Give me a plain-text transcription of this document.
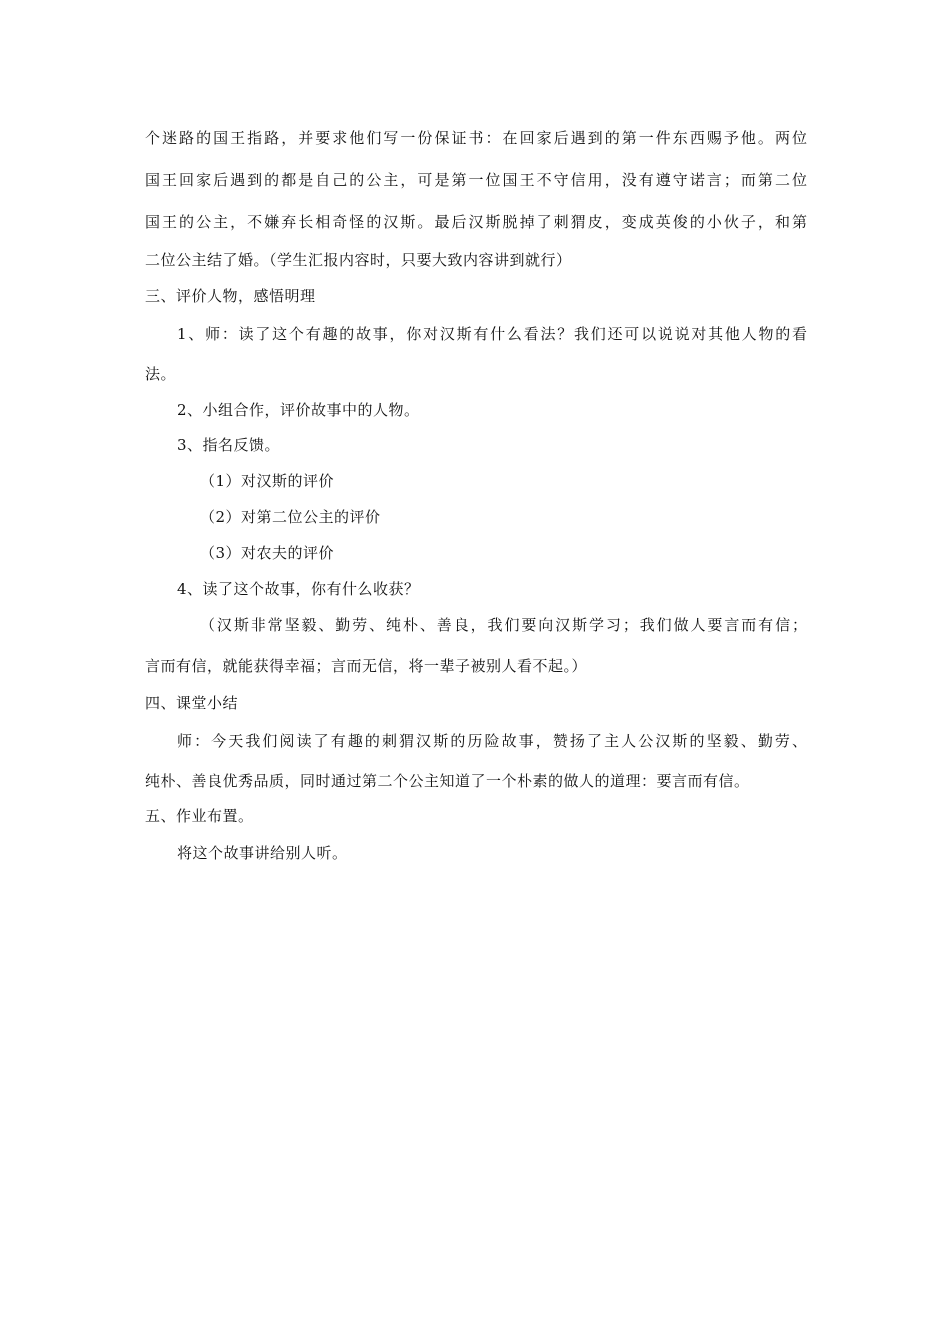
个迷路的国王指路，并要求他们写一份保证书：在回家后遇到的第一件东西赐予他。两位
国王回家后遇到的都是自己的公主，可是第一位国王不守信用，没有遵守诺言；而第二位
国王的公主，不嫌弃长相奇怪的汉斯。最后汉斯脱掉了刺猬皮，变成英俊的小伙子，和第
二位公主结了婚。（学生汇报内容时，只要大致内容讲到就行）
三、评价人物，感悟明理
1、师：读了这个有趣的故事，你对汉斯有什么看法？我们还可以说说对其他人物的看
法。
2、小组合作，评价故事中的人物。
3、指名反馈。
（1）对汉斯的评价
（2）对第二位公主的评价
（3）对农夫的评价
4、读了这个故事，你有什么收获？
（汉斯非常坚毅、勤劳、纯朴、善良，我们要向汉斯学习；我们做人要言而有信；
言而有信，就能获得幸福；言而无信，将一辈子被别人看不起。）
四、课堂小结
师：今天我们阅读了有趣的刺猬汉斯的历险故事，赞扬了主人公汉斯的坚毅、勤劳、
纯朴、善良优秀品质，同时通过第二个公主知道了一个朴素的做人的道理：要言而有信。
五、作业布置。
将这个故事讲给别人听。
